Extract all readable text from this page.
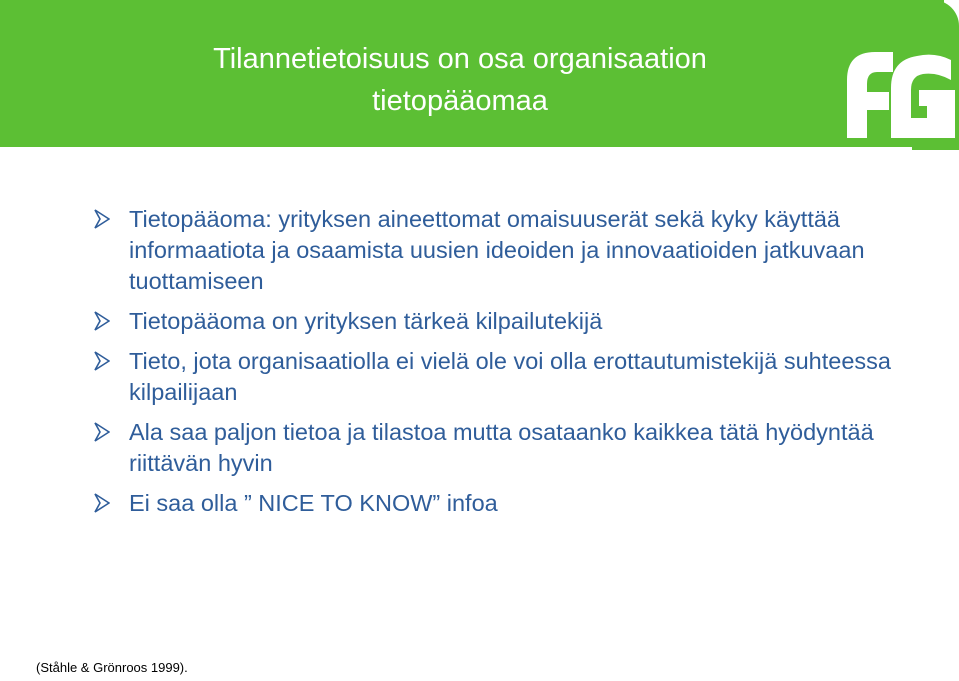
Tilannetietoisuus on osa organisaation tietopääomaa
Tietopääoma: yrityksen aineettomat omaisuuserät sekä kyky käyttää informaatiota ja osaamista uusien ideoiden ja innovaatioiden jatkuvaan tuottamiseen
Tietopääoma on yrityksen tärkeä kilpailutekijä
Tieto, jota organisaatiolla ei vielä ole voi olla erottautumistekijä suhteessa kilpailijaan
Ala saa paljon tietoa ja tilastoa mutta osataanko kaikkea tätä hyödyntää riittävän hyvin
Ei saa olla ” NICE TO KNOW” infoa

(Ståhle & Grönroos 1999).
